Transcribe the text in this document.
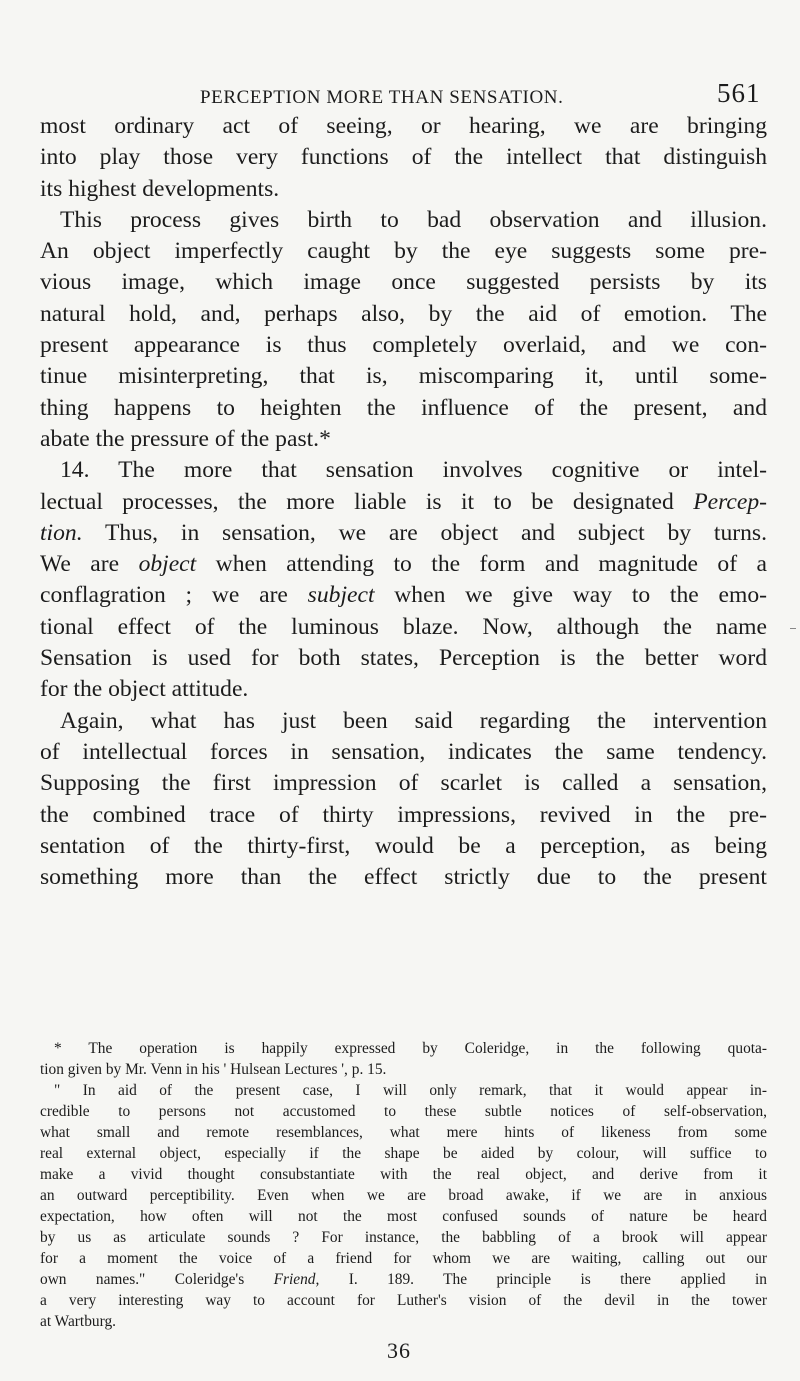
PERCEPTION MORE THAN SENSATION.	561
most ordinary act of seeing, or hearing, we are bringing
into play those very functions of the intellect that distinguish
its highest developments.
This process gives birth to bad observation and illusion.
An object imperfectly caught by the eye suggests some pre-
vious image, which image once suggested persists by its
natural hold, and, perhaps also, by the aid of emotion. The
present appearance is thus completely overlaid, and we con-
tinue misinterpreting, that is, miscomparing it, until some-
thing happens to heighten the influence of the present, and
abate the pressure of the past.*
14. The more that sensation involves cognitive or intel-
lectual processes, the more liable is it to be designated Percep-
tion. Thus, in sensation, we are object and subject by turns.
We are object when attending to the form and magnitude of a
conflagration ; we are subject when we give way to the emo-
tional effect of the luminous blaze. Now, although the name
Sensation is used for both states, Perception is the better word
for the object attitude.
Again, what has just been said regarding the intervention
of intellectual forces in sensation, indicates the same tendency.
Supposing the first impression of scarlet is called a sensation,
the combined trace of thirty impressions, revived in the pre-
sentation of the thirty-first, would be a perception, as being
something more than the effect strictly due to the present
* The operation is happily expressed by Coleridge, in the following quota-
tion given by Mr. Venn in his ' Hulsean Lectures ', p. 15.
" In aid of the present case, I will only remark, that it would appear in-
credible to persons not accustomed to these subtle notices of self-observation,
what small and remote resemblances, what mere hints of likeness from some
real external object, especially if the shape be aided by colour, will suffice to
make a vivid thought consubstantiate with the real object, and derive from it
an outward perceptibility. Even when we are broad awake, if we are in anxious
expectation, how often will not the most confused sounds of nature be heard
by us as articulate sounds ? For instance, the babbling of a brook will appear
for a moment the voice of a friend for whom we are waiting, calling out our
own names." Coleridge's Friend, I. 189. The principle is there applied in
a very interesting way to account for Luther's vision of the devil in the tower
at Wartburg.
36
